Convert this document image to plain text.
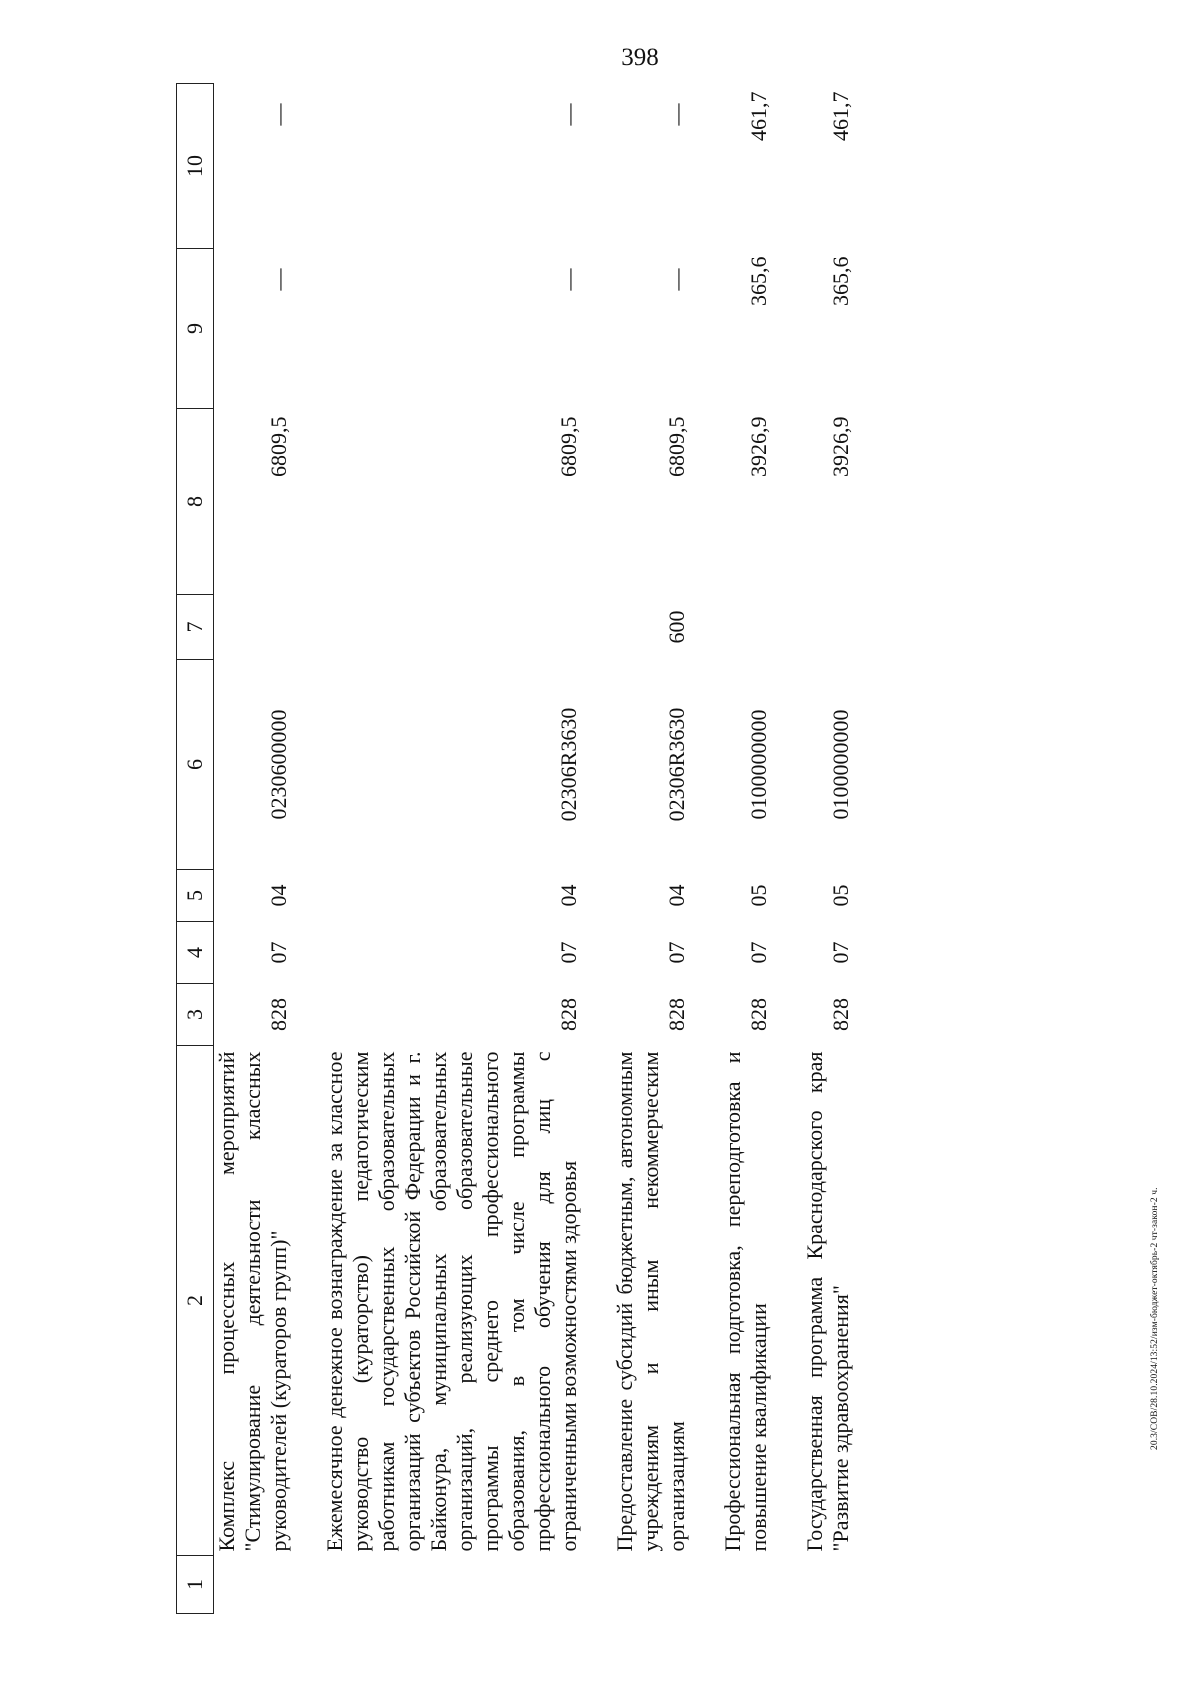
398
20.3/СОВ/28.10.2024/13:52/изм-бюджет-октябрь-2 чт-закон-2 ч.
1	2	3	4	5	6	7	8	9	10
	Комплекс процессных мероприятий "Стимулирование деятельности классных руководителей (кураторов групп)"	828	07	04	0230600000		6809,5	—	—

	Ежемесячное денежное вознаграждение за классное руководство (кураторство) педагогическим работникам государственных образовательных организаций субъектов Российской Федерации и г. Байконура, муниципальных образовательных организаций, реализующих образовательные программы среднего профессионального образования, в том числе программы профессионального обучения для лиц с ограниченными возможностями здоровья	828	07	04	02306R3630		6809,5	—	—

	Предоставление субсидий бюджетным, автономным учреждениям и иным некоммерческим организациям	828	07	04	02306R3630	600	6809,5	—	—

	Профессиональная подготовка, переподготовка и повышение квалификации	828	07	05	0100000000		3926,9	365,6	461,7

	Государственная программа Краснодарского края "Развитие здравоохранения"	828	07	05	0100000000		3926,9	365,6	461,7
